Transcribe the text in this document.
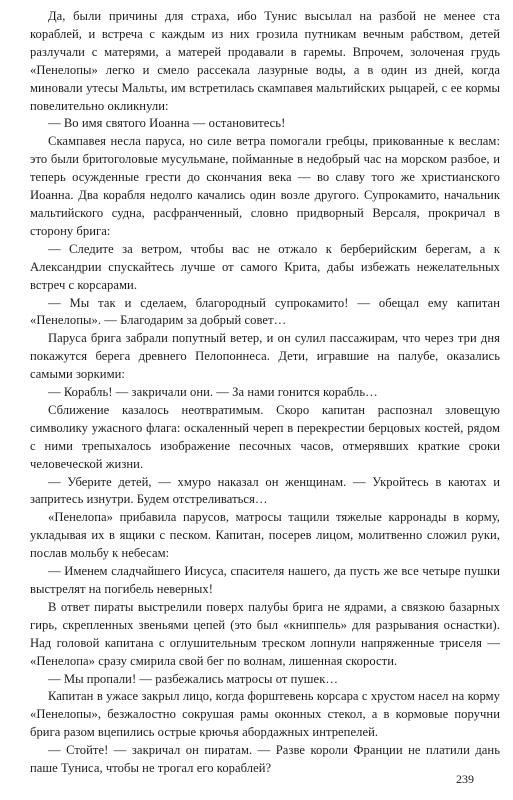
Да, были причины для страха, ибо Тунис высылал на разбой не менее ста кораблей, и встреча с каждым из них грозила путникам вечным рабством, детей разлучали с матерями, а матерей продавали в гаремы. Впрочем, золоченая грудь «Пенелопы» легко и смело рассекала лазурные воды, а в один из дней, когда миновали утесы Мальты, им встретилась скампавея мальтийских рыцарей, с ее кормы повелительно окликнули:

— Во имя святого Иоанна — остановитесь!

Скампавея несла паруса, но силе ветра помогали гребцы, прикованные к веслам: это были бритоголовые мусульмане, пойманные в недобрый час на морском разбое, и теперь осужденные грести до скончания века — во славу того же христианского Иоанна. Два корабля недолго качались один возле другого. Супрокамито, начальник мальтийского судна, расфранченный, словно придворный Версаля, прокричал в сторону брига:

— Следите за ветром, чтобы вас не отжало к берберийским берегам, а к Александрии спускайтесь лучше от самого Крита, дабы избежать нежелательных встреч с корсарами.

— Мы так и сделаем, благородный супрокамито! — обещал ему капитан «Пенелопы». — Благодарим за добрый совет…

Паруса брига забрали попутный ветер, и он сулил пассажирам, что через три дня покажутся берега древнего Пелопоннеса. Дети, игравшие на палубе, оказались самыми зоркими:

— Корабль! — закричали они. — За нами гонится корабль…

Сближение казалось неотвратимым. Скоро капитан распознал зловещую символику ужасного флага: оскаленный череп в перекрестии берцовых костей, рядом с ними трепыхалось изображение песочных часов, отмерявших краткие сроки человеческой жизни.

— Уберите детей, — хмуро наказал он женщинам. — Укройтесь в каютах и запритесь изнутри. Будем отстреливаться…

«Пенелопа» прибавила парусов, матросы тащили тяжелые карронады в корму, укладывая их в ящики с песком. Капитан, посерев лицом, молитвенно сложил руки, послав мольбу к небесам:

— Именем сладчайшего Иисуса, спасителя нашего, да пусть же все четыре пушки выстрелят на погибель неверных!

В ответ пираты выстрелили поверх палубы брига не ядрами, а связкою базарных гирь, скрепленных звеньями цепей (это был «книппель» для разрывания оснастки). Над головой капитана с оглушительным треском лопнули напряженные триселя — «Пенелопа» сразу смирила свой бег по волнам, лишенная скорости.

— Мы пропали! — разбежались матросы от пушек…

Капитан в ужасе закрыл лицо, когда форштевень корсара с хрустом насел на корму «Пенелопы», безжалостно сокрушая рамы оконных стекол, а в кормовые поручни брига разом вцепились острые крючья абордажных интрепелей.

— Стойте! — закричал он пиратам. — Разве короли Франции не платили дань паше Туниса, чтобы не трогал его кораблей?

239
